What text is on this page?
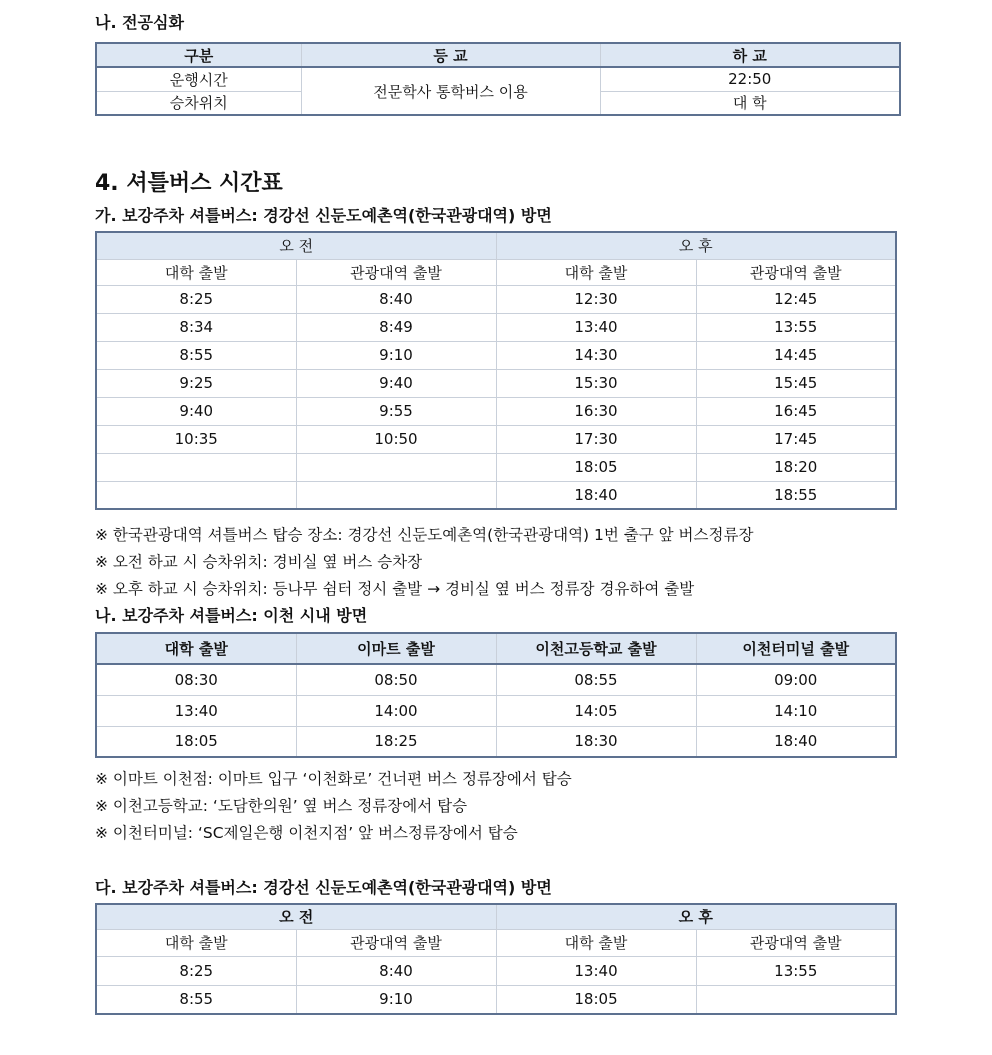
나. 전공심화
구분	등 교	하 교
운행시간	전문학사 통학버스 이용	22:50
승차위치		대 학
4. 셔틀버스 시간표
가. 보강주차 셔틀버스: 경강선 신둔도예촌역(한국관광대역) 방면
오 전		오 후	
대학 출발	관광대역 출발	대학 출발	관광대역 출발
8:25	8:40	12:30	12:45
8:34	8:49	13:40	13:55
8:55	9:10	14:30	14:45
9:25	9:40	15:30	15:45
9:40	9:55	16:30	16:45
10:35	10:50	17:30	17:45
		18:05	18:20
		18:40	18:55
※ 한국관광대역 셔틀버스 탑승 장소: 경강선 신둔도예촌역(한국관광대역) 1번 출구 앞 버스정류장
※ 오전 하교 시 승차위치: 경비실 옆 버스 승차장
※ 오후 하교 시 승차위치: 등나무 쉼터 정시 출발 → 경비실 옆 버스 정류장 경유하여 출발
나. 보강주차 셔틀버스: 이천 시내 방면
대학 출발	이마트 출발	이천고등학교 출발	이천터미널 출발
08:30	08:50	08:55	09:00
13:40	14:00	14:05	14:10
18:05	18:25	18:30	18:40
※ 이마트 이천점: 이마트 입구 ‘이천화로’ 건너편 버스 정류장에서 탑승
※ 이천고등학교: ‘도담한의원’ 옆 버스 정류장에서 탑승
※ 이천터미널: ‘SC제일은행 이천지점’ 앞 버스정류장에서 탑승
다. 보강주차 셔틀버스: 경강선 신둔도예촌역(한국관광대역) 방면
오 전		오 후	
대학 출발	관광대역 출발	대학 출발	관광대역 출발
8:25	8:40	13:40	13:55
8:55	9:10	18:05	
